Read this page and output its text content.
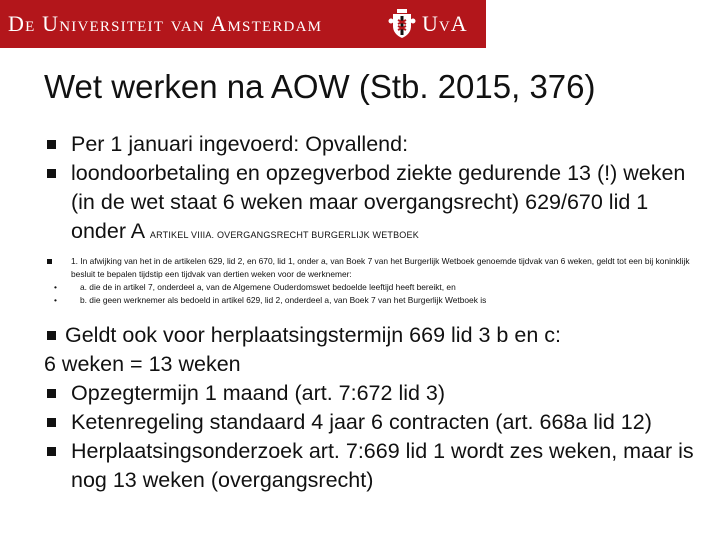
De Universiteit van Amsterdam	UvA
Wet werken na AOW (Stb. 2015, 376)
Per 1 januari ingevoerd: Opvallend:
loondoorbetaling en opzegverbod ziekte gedurende 13 (!) weken (in de wet staat 6 weken maar overgangsrecht) 629/670 lid 1 onder A ARTIKEL VIIIA. OVERGANGSRECHT BURGERLIJK WETBOEK
1. In afwijking van het in de artikelen 629, lid 2, en 670, lid 1, onder a, van Boek 7 van het Burgerlijk Wetboek genoemde tijdvak van 6 weken, geldt tot een bij koninklijk besluit te bepalen tijdstip een tijdvak van dertien weken voor de werknemer:
•	a. die de in artikel 7, onderdeel a, van de Algemene Ouderdomswet bedoelde leeftijd heeft bereikt, en
•	b. die geen werknemer als bedoeld in artikel 629, lid 2, onderdeel a, van Boek 7 van het Burgerlijk Wetboek is
Geldt ook voor herplaatsingstermijn 669 lid 3 b en c:
6 weken = 13 weken
Opzegtermijn 1 maand (art. 7:672 lid 3)
Ketenregeling standaard 4 jaar 6 contracten (art. 668a lid 12)
Herplaatsingsonderzoek art. 7:669 lid 1 wordt zes weken, maar is nog 13 weken (overgangsrecht)
